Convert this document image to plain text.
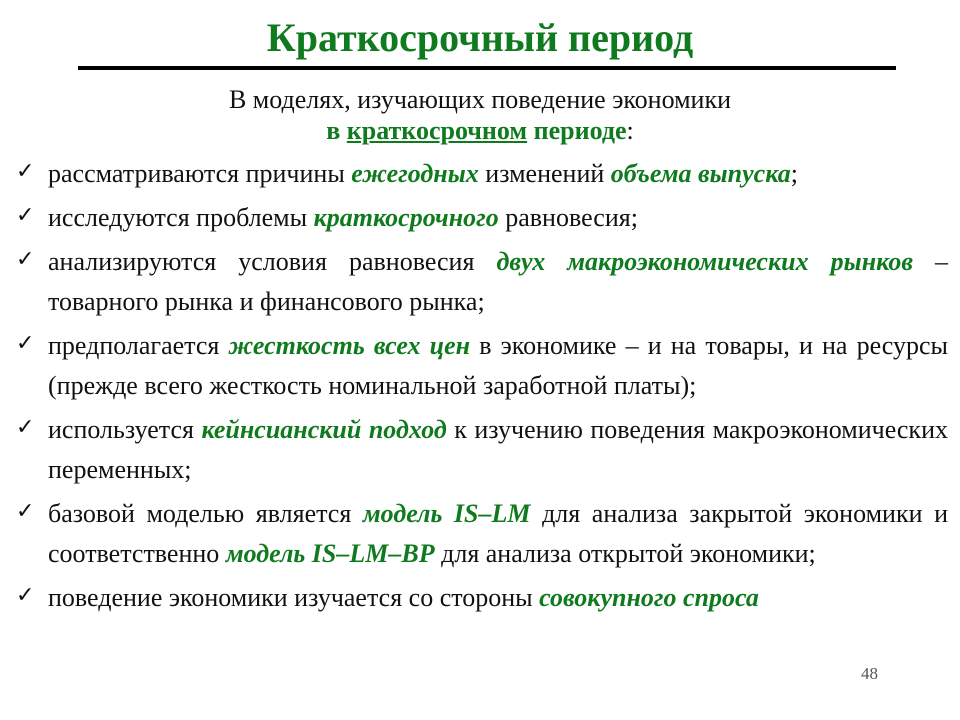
Краткосрочный период
В моделях, изучающих поведение экономики
в краткосрочном периоде:
✓ рассматриваются причины ежегодных изменений объема выпуска;
✓ исследуются проблемы краткосрочного равновесия;
✓ анализируются условия равновесия двух макроэкономических рынков – товарного рынка и финансового рынка;
✓ предполагается жесткость всех цен в экономике – и на товары, и на ресурсы (прежде всего жесткость номинальной заработной платы);
✓ используется кейнсианский подход к изучению поведения макроэкономических переменных;
✓ базовой моделью является модель IS–LM для анализа закрытой экономики и соответственно модель IS–LM–BP для анализа открытой экономики;
✓ поведение экономики изучается со стороны совокупного спроса
48
